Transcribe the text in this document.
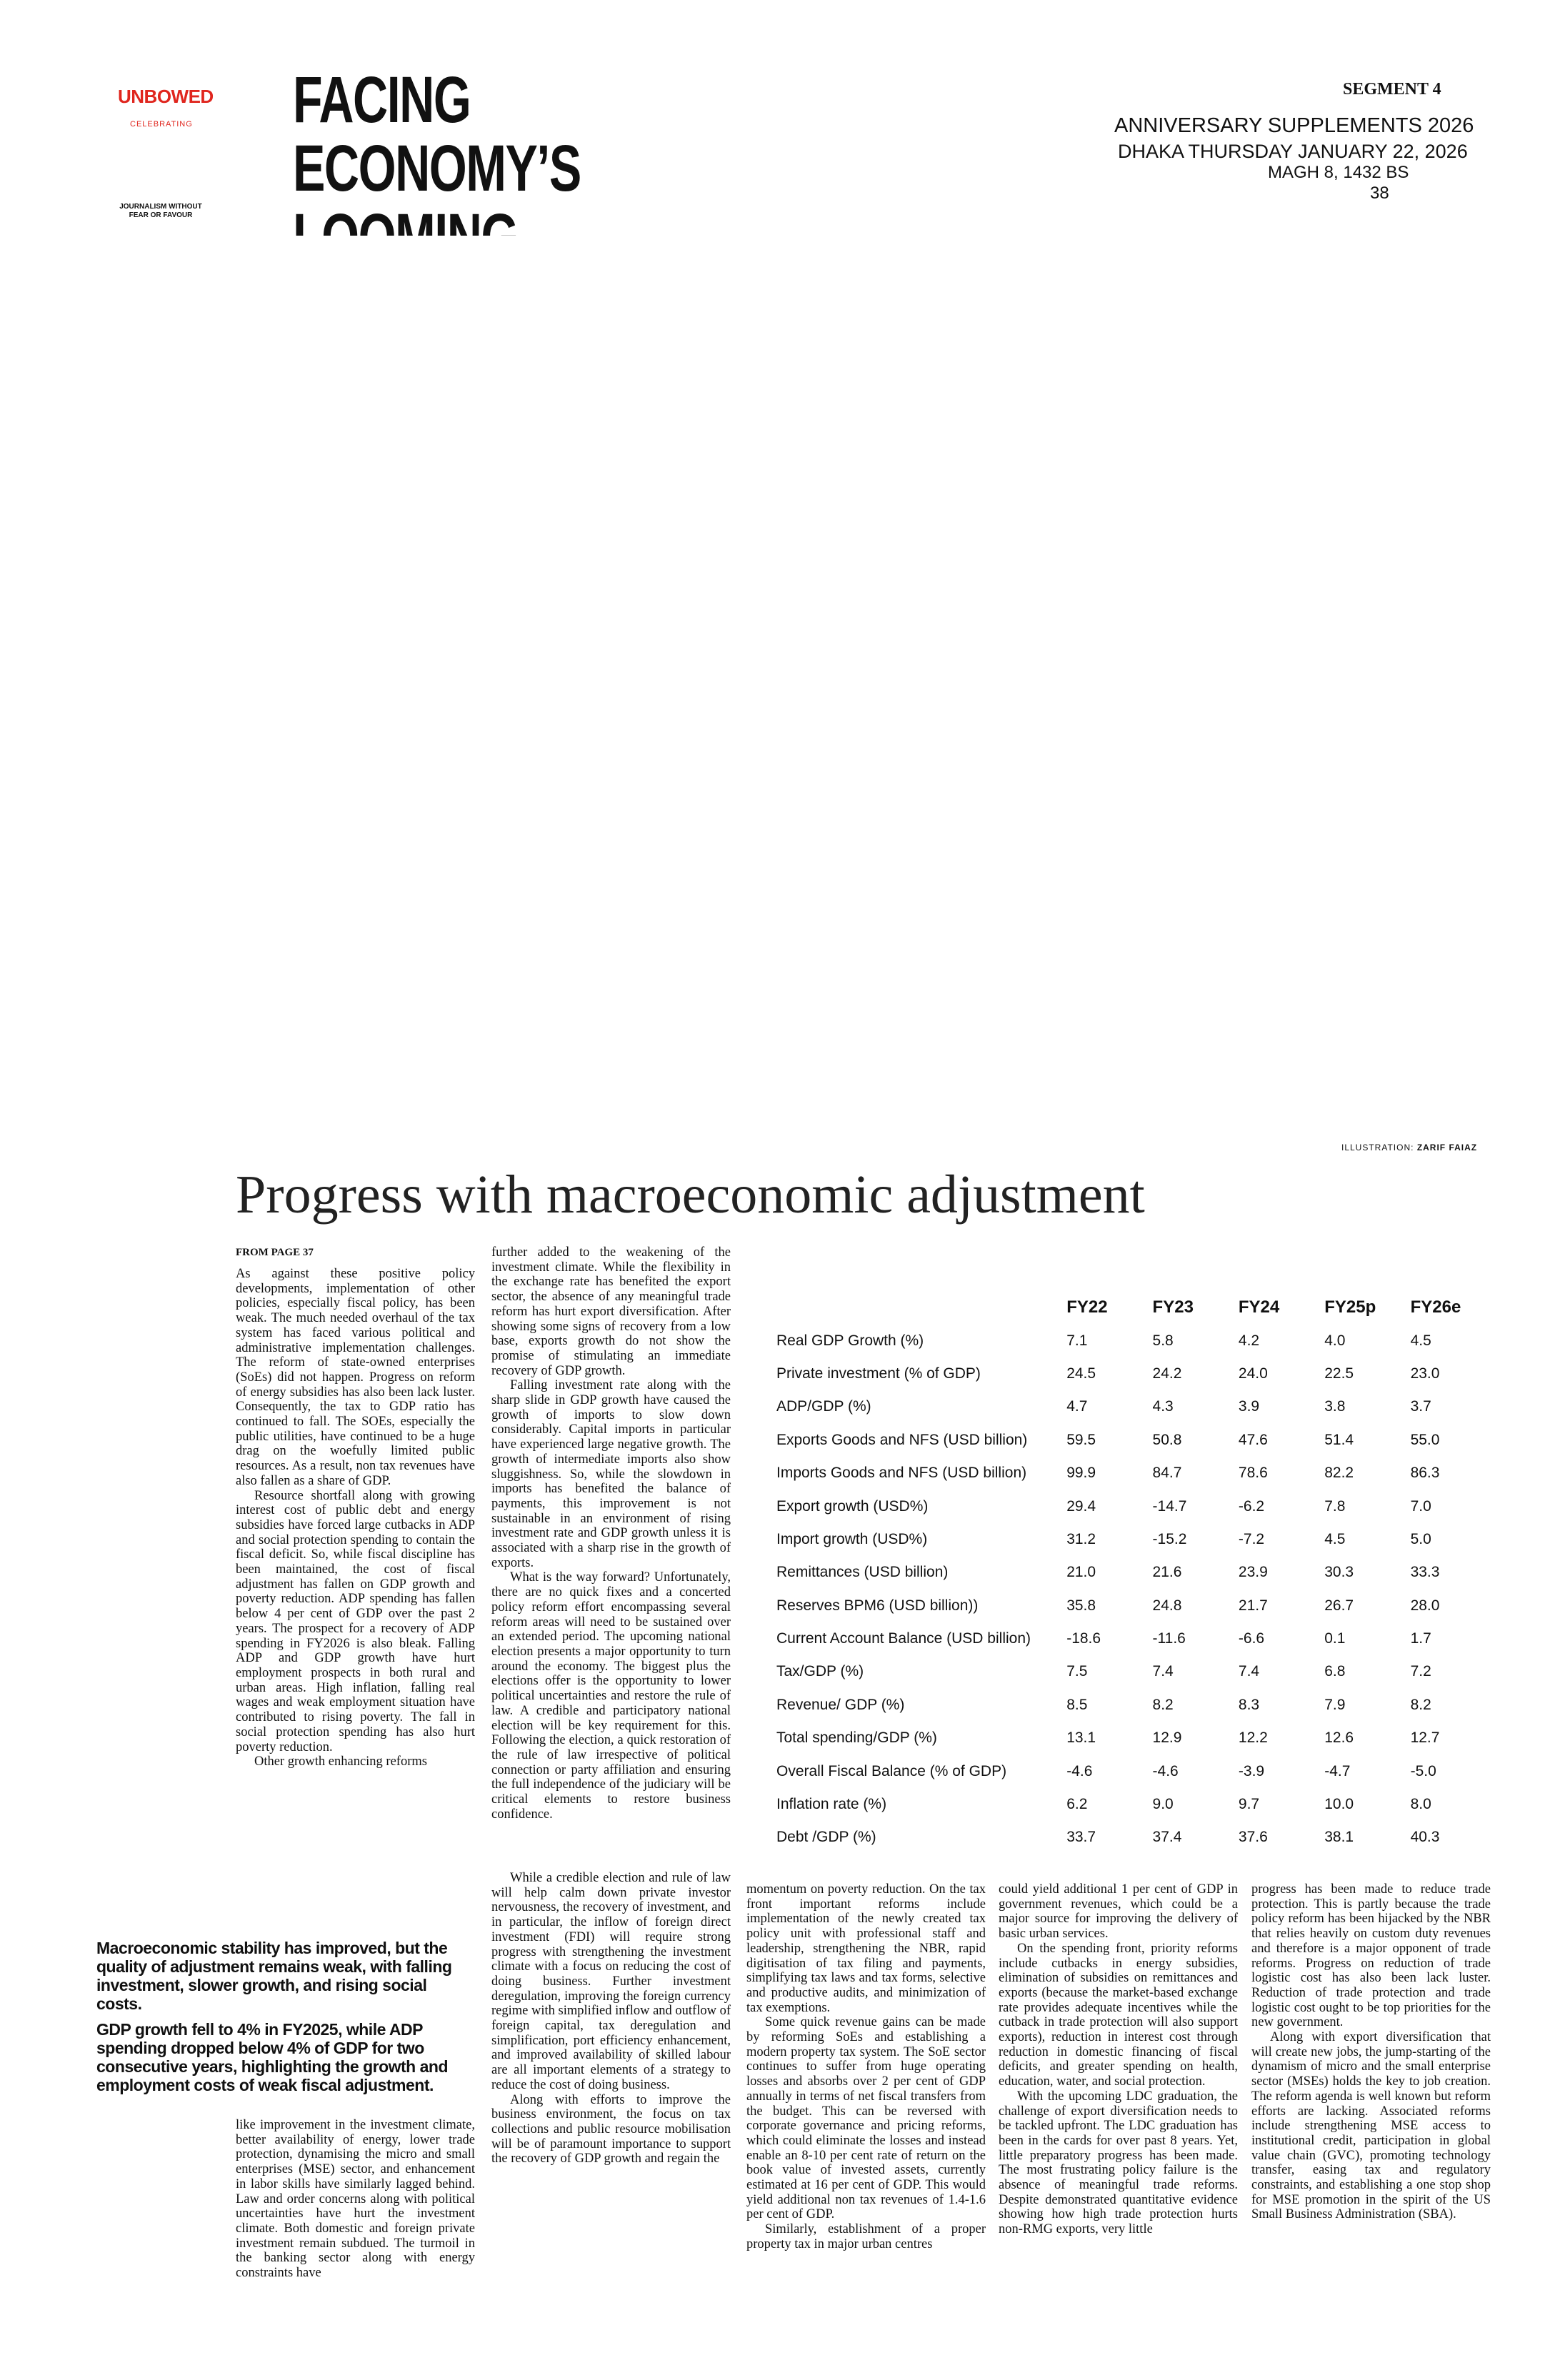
UNBOWED
CELEBRATING
JOURNALISM WITHOUT FEAR OR FAVOUR
FACING ECONOMY’S
SEGMENT 4
ANNIVERSARY SUPPLEMENTS 2026
DHAKA THURSDAY JANUARY 22, 2026
MAGH 8, 1432 BS
38
ILLUSTRATION: ZARIF FAIAZ
Progress with macroeconomic adjustment
FROM PAGE 37

As against these positive policy developments, implementation of other policies, especially fiscal policy, has been weak. The much needed overhaul of the tax system has faced various political and administrative implementation challenges. The reform of state-owned enterprises (SoEs) did not happen. Progress on reform of energy subsidies has also been lack luster. Consequently, the tax to GDP ratio has continued to fall. The SOEs, especially the public utilities, have continued to be a huge drag on the woefully limited public resources. As a result, non tax revenues have also fallen as a share of GDP.

Resource shortfall along with growing interest cost of public debt and energy subsidies have forced large cutbacks in ADP and social protection spending to contain the fiscal deficit. So, while fiscal discipline has been maintained, the cost of fiscal adjustment has fallen on GDP growth and poverty reduction. ADP spending has fallen below 4 per cent of GDP over the past 2 years. The prospect for a recovery of ADP spending in FY2026 is also bleak. Falling ADP and GDP growth have hurt employment prospects in both rural and urban areas. High inflation, falling real wages and weak employment situation have contributed to rising poverty. The fall in social protection spending has also hurt poverty reduction.

Other growth enhancing reforms

Macroeconomic stability has improved, but the quality of adjustment remains weak, with falling investment, slower growth, and rising social costs.

GDP growth fell to 4% in FY2025, while ADP spending dropped below 4% of GDP for two consecutive years, highlighting the growth and employment costs of weak fiscal adjustment.

like improvement in the investment climate, better availability of energy, lower trade protection, dynamising the micro and small enterprises (MSE) sector, and enhancement in labor skills have similarly lagged behind. Law and order concerns along with political uncertainties have hurt the investment climate. Both domestic and foreign private investment remain subdued. The turmoil in the banking sector along with energy constraints have

further added to the weakening of the investment climate. While the flexibility in the exchange rate has benefited the export sector, the absence of any meaningful trade reform has hurt export diversification. After showing some signs of recovery from a low base, exports growth do not show the promise of stimulating an immediate recovery of GDP growth.

Falling investment rate along with the sharp slide in GDP growth have caused the growth of imports to slow down considerably. Capital imports in particular have experienced large negative growth. The growth of intermediate imports also show sluggishness. So, while the slowdown in imports has benefited the balance of payments, this improvement is not sustainable in an environment of rising investment rate and GDP growth unless it is associated with a sharp rise in the growth of exports.

What is the way forward? Unfortunately, there are no quick fixes and a concerted policy reform effort encompassing several reform areas will need to be sustained over an extended period. The upcoming national election presents a major opportunity to turn around the economy. The biggest plus the elections offer is the opportunity to lower political uncertainties and restore the rule of law. A credible and participatory national election will be key requirement for this. Following the election, a quick restoration of the rule of law irrespective of political connection or party affiliation and ensuring the full independence of the judiciary will be critical elements to restore business confidence.

While a credible election and rule of law will help calm down private investor nervousness, the recovery of investment, and in particular, the inflow of foreign direct investment (FDI) will require strong progress with strengthening the investment climate with a focus on reducing the cost of doing business. Further investment deregulation, improving the foreign currency regime with simplified inflow and outflow of foreign capital, tax deregulation and simplification, port efficiency enhancement, and improved availability of skilled labour are all important elements of a strategy to reduce the cost of doing business.

Along with efforts to improve the business environment, the focus on tax collections and public resource mobilisation will be of paramount importance to support the recovery of GDP growth and regain the

	FY22	FY23	FY24	FY25p	FY26e
Real GDP Growth (%)	7.1	5.8	4.2	4.0	4.5
Private investment (% of GDP)	24.5	24.2	24.0	22.5	23.0
ADP/GDP (%)	4.7	4.3	3.9	3.8	3.7
Exports Goods and NFS (USD billion)	59.5	50.8	47.6	51.4	55.0
Imports Goods and NFS (USD billion)	99.9	84.7	78.6	82.2	86.3
Export growth (USD%)	29.4	-14.7	-6.2	7.8	7.0
Import growth (USD%)	31.2	-15.2	-7.2	4.5	5.0
Remittances (USD billion)	21.0	21.6	23.9	30.3	33.3
Reserves BPM6 (USD billion))	35.8	24.8	21.7	26.7	28.0
Current Account Balance (USD billion)	-18.6	-11.6	-6.6	0.1	1.7
Tax/GDP (%)	7.5	7.4	7.4	6.8	7.2
Revenue/ GDP (%)	8.5	8.2	8.3	7.9	8.2
Total spending/GDP (%)	13.1	12.9	12.2	12.6	12.7
Overall Fiscal Balance (% of GDP)	-4.6	-4.6	-3.9	-4.7	-5.0
Inflation rate (%)	6.2	9.0	9.7	10.0	8.0
Debt /GDP (%)	33.7	37.4	37.6	38.1	40.3

momentum on poverty reduction. On the tax front important reforms include implementation of the newly created tax policy unit with professional staff and leadership, strengthening the NBR, rapid digitisation of tax filing and payments, simplifying tax laws and tax forms, selective and productive audits, and minimization of tax exemptions.

Some quick revenue gains can be made by reforming SoEs and establishing a modern property tax system. The SoE sector continues to suffer from huge operating losses and absorbs over 2 per cent of GDP annually in terms of net fiscal transfers from the budget. This can be reversed with corporate governance and pricing reforms, which could eliminate the losses and instead enable an 8-10 per cent rate of return on the book value of invested assets, currently estimated at 16 per cent of GDP. This would yield additional non tax revenues of 1.4-1.6 per cent of GDP.

Similarly, establishment of a proper property tax in major urban centres

could yield additional 1 per cent of GDP in government revenues, which could be a major source for improving the delivery of basic urban services.

On the spending front, priority reforms include cutbacks in energy subsidies, elimination of subsidies on remittances and exports (because the market-based exchange rate provides adequate incentives while the cutback in trade protection will also support exports), reduction in interest cost through reduction in domestic financing of fiscal deficits, and greater spending on health, education, water, and social protection.

With the upcoming LDC graduation, the challenge of export diversification needs to be tackled upfront. The LDC graduation has been in the cards for over past 8 years. Yet, little preparatory progress has been made. The most frustrating policy failure is the absence of meaningful trade reforms. Despite demonstrated quantitative evidence showing how high trade protection hurts non-RMG exports, very little

progress has been made to reduce trade protection. This is partly because the trade policy reform has been hijacked by the NBR that relies heavily on custom duty revenues and therefore is a major opponent of trade reforms. Progress on reduction of trade logistic cost has also been lack luster. Reduction of trade protection and trade logistic cost ought to be top priorities for the new government.

Along with export diversification that will create new jobs, the jump-starting of the dynamism of micro and the small enterprise sector (MSEs) holds the key to job creation. The reform agenda is well known but reform efforts are lacking. Associated reforms include strengthening MSE access to institutional credit, participation in global value chain (GVC), promoting technology transfer, easing tax and regulatory constraints, and establishing a one stop shop for MSE promotion in the spirit of the US Small Business Administration (SBA).
